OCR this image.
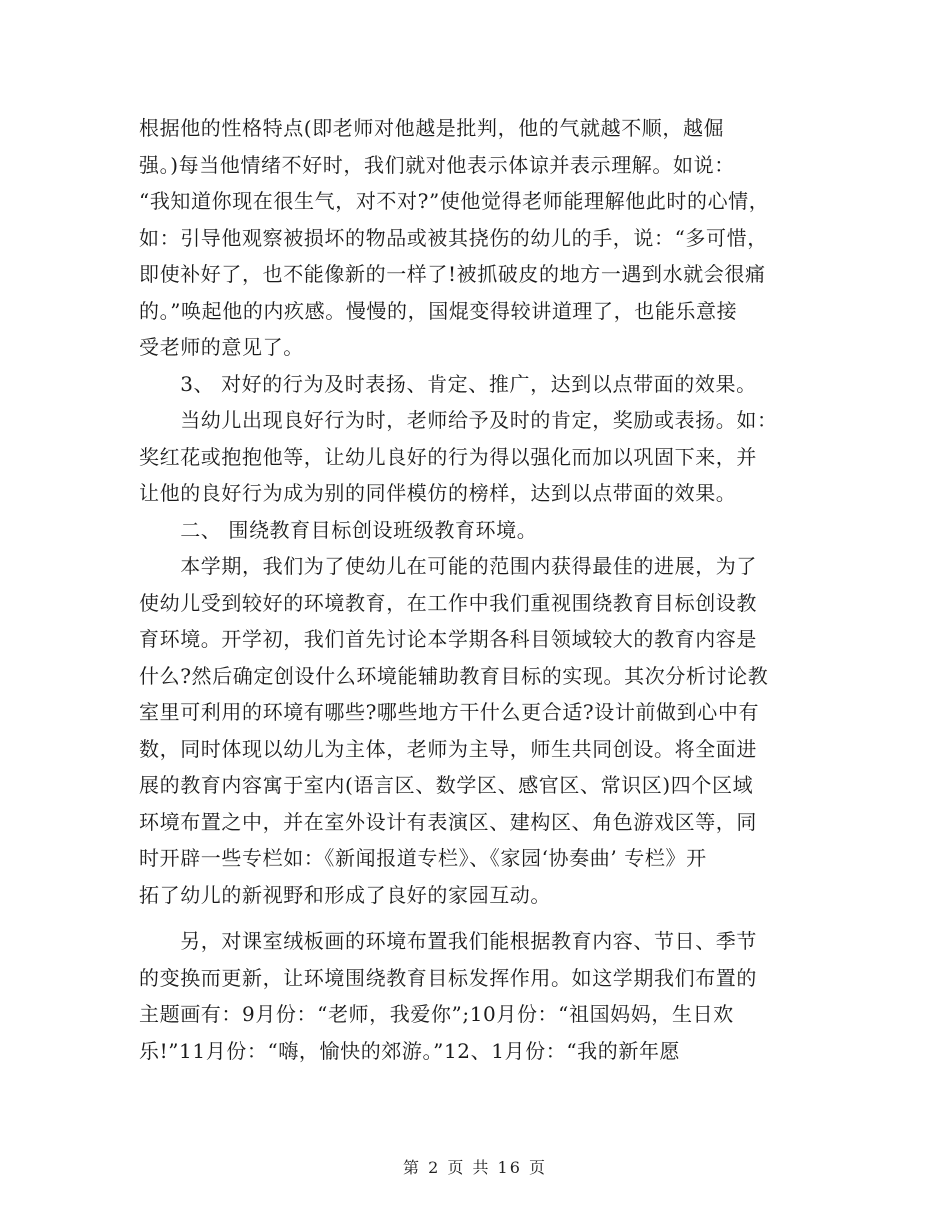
根据他的性格特点(即老师对他越是批判，他的气就越不顺，越倔
强。)每当他情绪不好时，我们就对他表示体谅并表示理解。如说：
“我知道你现在很生气，对不对?”使他觉得老师能理解他此时的心情，
如：引导他观察被损坏的物品或被其挠伤的幼儿的手，说：“多可惜，
即使补好了，也不能像新的一样了!被抓破皮的地方一遇到水就会很痛
的。”唤起他的内疚感。慢慢的，国焜变得较讲道理了，也能乐意接
受老师的意见了。
　　3、 对好的行为及时表扬、肯定、推广，达到以点带面的效果。
　　当幼儿出现良好行为时，老师给予及时的肯定，奖励或表扬。如：
奖红花或抱抱他等，让幼儿良好的行为得以强化而加以巩固下来，并
让他的良好行为成为别的同伴模仿的榜样，达到以点带面的效果。
　　二、 围绕教育目标创设班级教育环境。
　　本学期，我们为了使幼儿在可能的范围内获得最佳的进展，为了
使幼儿受到较好的环境教育，在工作中我们重视围绕教育目标创设教
育环境。开学初，我们首先讨论本学期各科目领域较大的教育内容是
什么?然后确定创设什么环境能辅助教育目标的实现。其次分析讨论教
室里可利用的环境有哪些?哪些地方干什么更合适?设计前做到心中有
数，同时体现以幼儿为主体，老师为主导，师生共同创设。将全面进
展的教育内容寓于室内(语言区、数学区、感官区、常识区)四个区域
环境布置之中，并在室外设计有表演区、建构区、角色游戏区等，同
时开辟一些专栏如：《新闻报道专栏》、《家园‘协奏曲’ 专栏》开
拓了幼儿的新视野和形成了良好的家园互动。
　　另，对课室绒板画的环境布置我们能根据教育内容、节日、季节
的变换而更新，让环境围绕教育目标发挥作用。如这学期我们布置的
主题画有：9月份：“老师，我爱你”;10月份：“祖国妈妈，生日欢
乐!”11月份：“嗨，愉快的郊游。”12、1月份：“我的新年愿
第 2 页 共 16 页
